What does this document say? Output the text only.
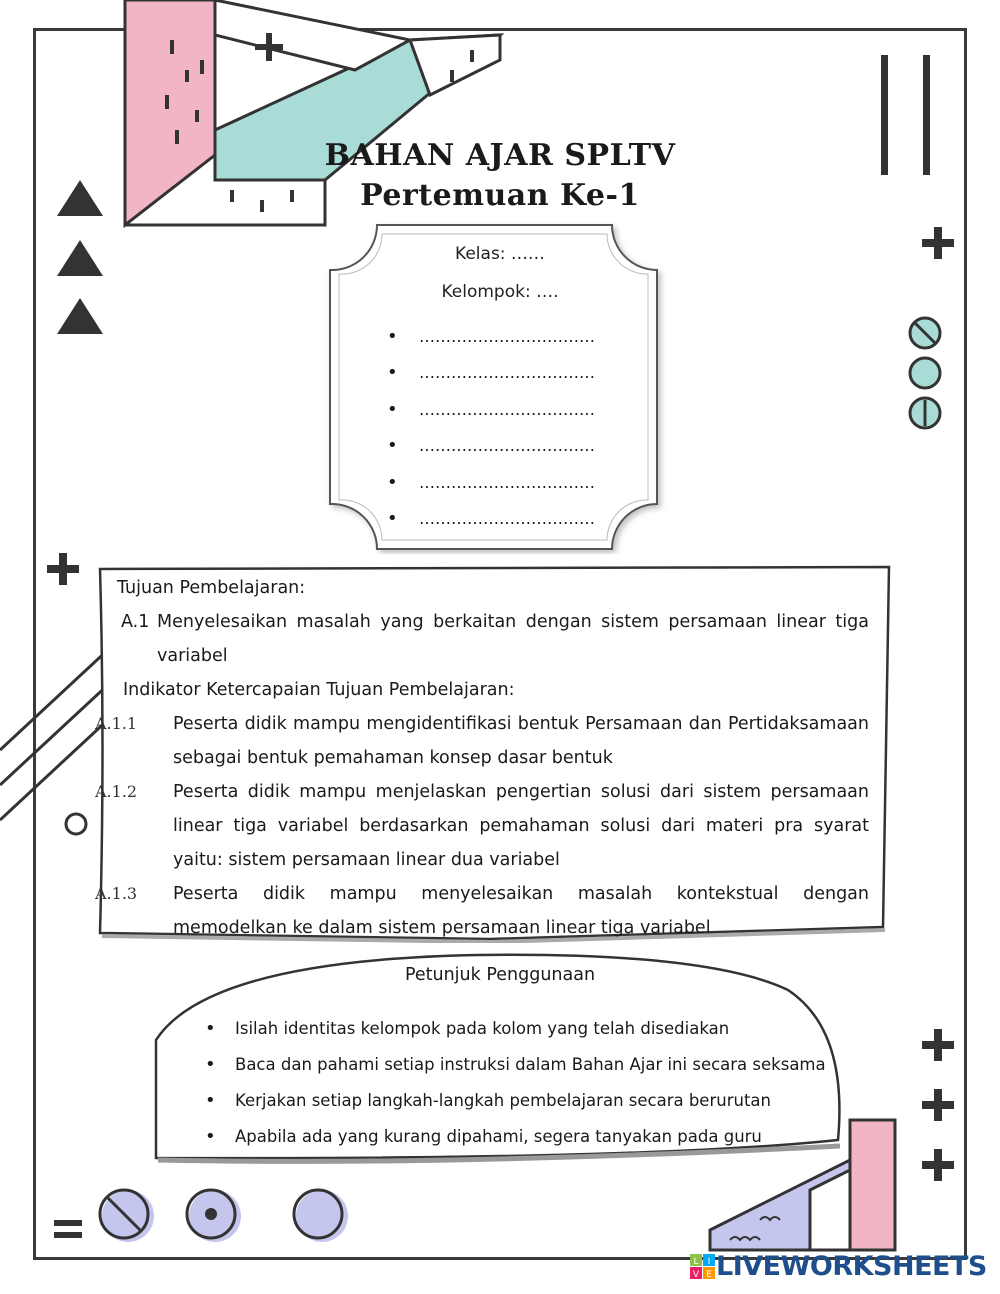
BAHAN AJAR SPLTV
Pertemuan Ke-1
Kelas: ……
Kelompok: ….
•	……………………………
•	……………………………
•	……………………………
•	……………………………
•	……………………………
•	……………………………
Tujuan Pembelajaran:
A.1 Menyelesaikan masalah yang berkaitan dengan sistem persamaan linear tiga variabel
Indikator Ketercapaian Tujuan Pembelajaran:
A.1.1	Peserta didik mampu mengidentifikasi bentuk Persamaan dan Pertidaksamaan sebagai bentuk pemahaman konsep dasar bentuk
A.1.2	Peserta didik mampu menjelaskan pengertian solusi dari sistem persamaan linear tiga variabel berdasarkan pemahaman solusi dari materi pra syarat yaitu: sistem persamaan linear dua variabel
A.1.3	Peserta didik mampu menyelesaikan masalah kontekstual dengan memodelkan ke dalam sistem persamaan linear tiga variabel
Petunjuk Penggunaan
•	Isilah identitas kelompok pada kolom yang telah disediakan
•	Baca dan pahami setiap instruksi dalam Bahan Ajar ini secara seksama
•	Kerjakan setiap langkah-langkah pembelajaran secara berurutan
•	Apabila ada yang kurang dipahami, segera tanyakan pada guru
L I
V E LIVEWORKSHEETS
